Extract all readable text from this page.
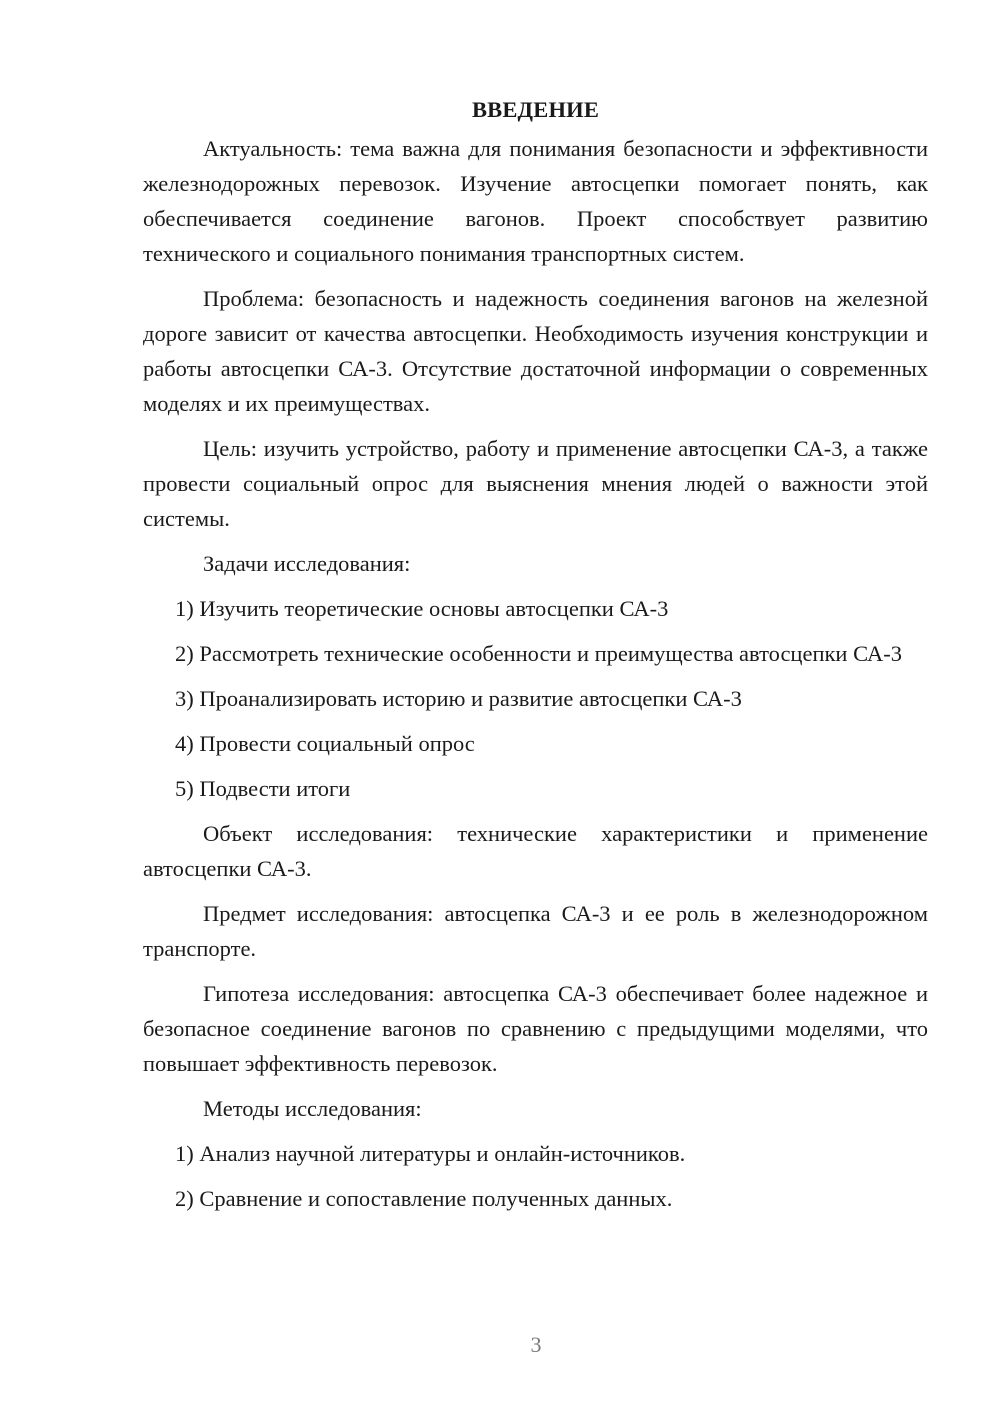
ВВЕДЕНИЕ
Актуальность: тема важна для понимания безопасности и эффективности железнодорожных перевозок. Изучение автосцепки помогает понять, как обеспечивается соединение вагонов. Проект способствует развитию технического и социального понимания транспортных систем.
Проблема: безопасность и надежность соединения вагонов на железной дороге зависит от качества автосцепки. Необходимость изучения конструкции и работы автосцепки СА-3. Отсутствие достаточной информации о современных моделях и их преимуществах.
Цель: изучить устройство, работу и применение автосцепки СА-3, а также провести социальный опрос для выяснения мнения людей о важности этой системы.
Задачи исследования:
1) Изучить теоретические основы автосцепки СА-3
2) Рассмотреть технические особенности и преимущества автосцепки СА-3
3) Проанализировать историю и развитие автосцепки СА-3
4) Провести социальный опрос
5) Подвести итоги
Объект исследования: технические характеристики и применение автосцепки СА-3.
Предмет исследования: автосцепка СА-3 и ее роль в железнодорожном транспорте.
Гипотеза исследования: автосцепка СА-3 обеспечивает более надежное и безопасное соединение вагонов по сравнению с предыдущими моделями, что повышает эффективность перевозок.
Методы исследования:
1) Анализ научной литературы и онлайн-источников.
2) Сравнение и сопоставление полученных данных.
3
